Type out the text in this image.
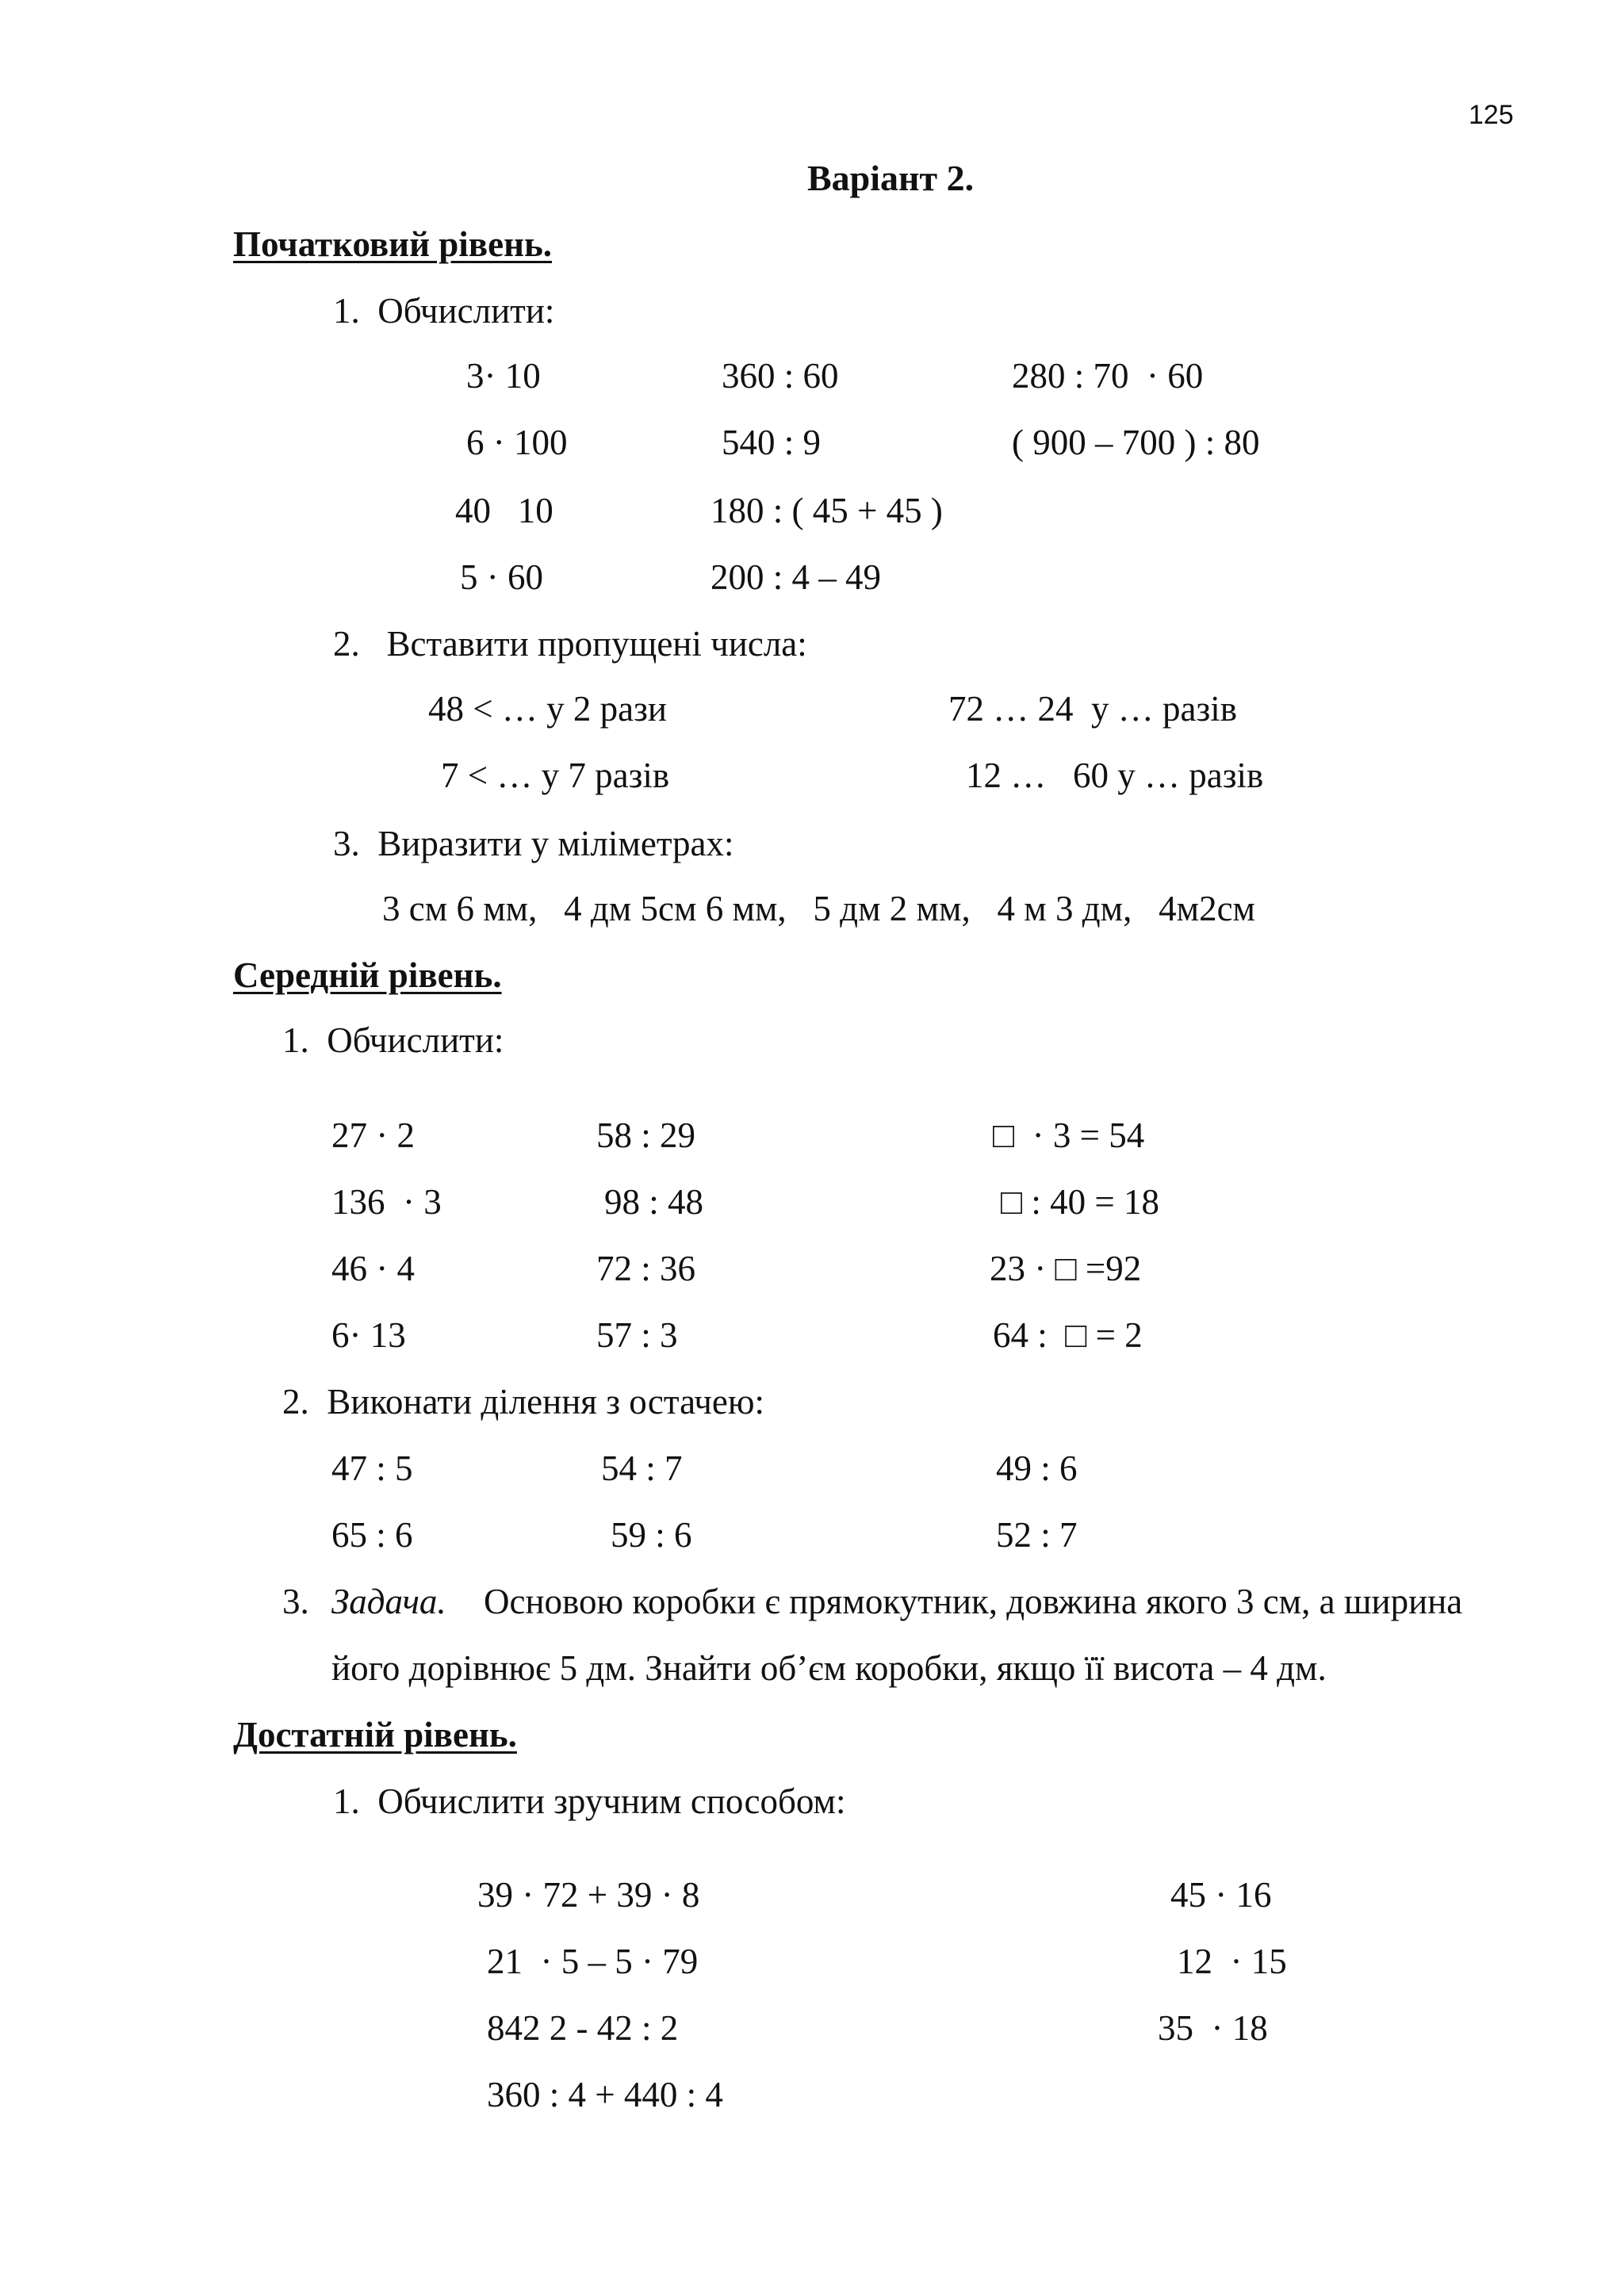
125
Варіант 2.
Початковий рівень.
1.  Обчислити:
3· 10	360 : 60	280 : 70  · 60
6 · 100	540 : 9	( 900 – 700 ) : 80
40   10	180 : ( 45 + 45 )
5 · 60	200 : 4 – 49
2.   Вставити пропущені числа:
48 < … у 2 рази	72 … 24  у … разів
7 < … у 7 разів	12 …   60 у … разів
3.  Виразити у міліметрах:
3 см 6 мм,   4 дм 5см 6 мм,   5 дм 2 мм,   4 м 3 дм,   4м2см
Середній рівень.
1.  Обчислити:
27 · 2	58 : 29	□  · 3 = 54
136  · 3	98 : 48	□ : 40 = 18
46 · 4	72 : 36	23 · □ =92
6· 13	57 : 3	64 :  □ = 2
2.  Виконати ділення з остачею:
47 : 5	54 : 7	49 : 6
65 : 6	59 : 6	52 : 7
3. Задача. Основою коробки є прямокутник, довжина якого 3 см, а ширина
його дорівнює 5 дм. Знайти об’єм коробки, якщо її висота – 4 дм.
Достатній рівень.
1.  Обчислити зручним способом:
39 · 72 + 39 · 8	45 · 16
21  · 5 – 5 · 79	12  · 15
842 2 - 42 : 2	35  · 18
360 : 4 + 440 : 4
